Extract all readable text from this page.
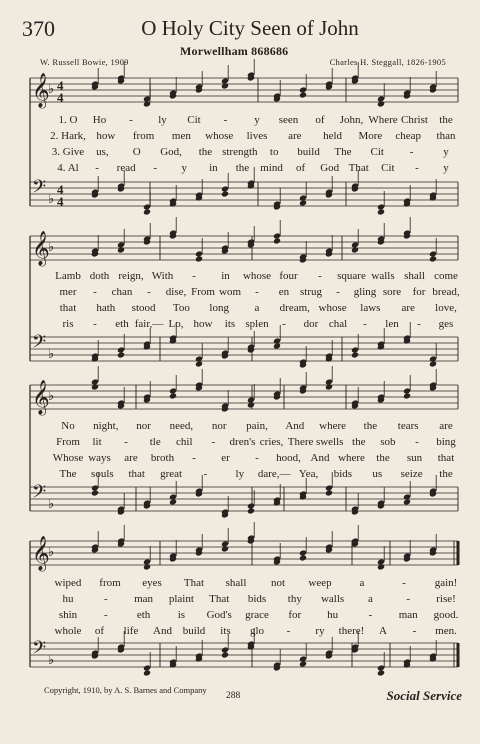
370	O Holy City Seen of John
Morwellham 868686
W. Russell Bowie, 1909	Charles H. Steggall, 1826-1905
𝄞
♭ 4
4
𝄢 ♭
4
4
𝄞
♭
𝄢 ♭
𝄞
♭
𝄢 ♭
𝄞
♭
𝄢 ♭
1. O Ho - ly Cit - y seen of John, Where Christ the
2. Hark, how from men whose lives are held More cheap than
3. Give us, O God, the strength to build The Cit -	y
4. Al - read - y in the mind of God That Cit - y
Lamb doth reign, With - in whose four - square walls shall come
mer - chan - dise, From wom - en strug - gling sore for bread,
that hath stood Too long a dream, whose laws are love,
ris - eth fair,— Lo, how its splen - dor chal - len - ges
No night, nor need, nor pain, And where the tears are
From lit - tle chil - dren's cries, There swells the sob - bing
Whose ways are broth - er - hood, And where the sun that
The souls that great -	ly dare,— Yea, bids us seize the
wiped from eyes That shall not weep	a	-	gain!
hu	- man plaint That bids thy walls a	- rise!
shin -	eth is God's grace for hu	- man good.
whole of life And build its glo - ry there! A - men.
Copyright, 1910, by A. S. Barnes and Company
288	Social Service
